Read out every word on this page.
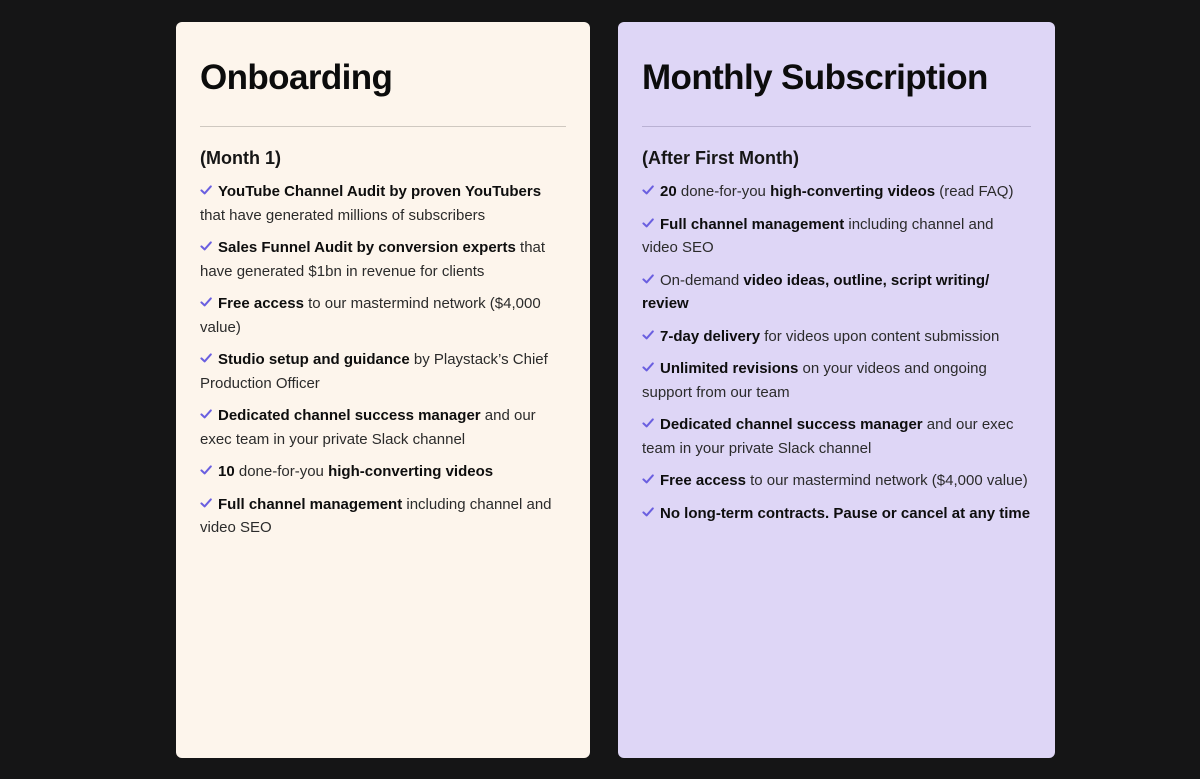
Onboarding
(Month 1)
YouTube Channel Audit by proven YouTubers that have generated millions of subscribers
Sales Funnel Audit by conversion experts that have generated $1bn in revenue for clients
Free access to our mastermind network ($4,000 value)
Studio setup and guidance by Playstack’s Chief Production Officer
Dedicated channel success manager and our exec team in your private Slack channel
10 done-for-you high-converting videos
Full channel management including channel and video SEO
Monthly Subscription
(After First Month)
20 done-for-you high-converting videos (read FAQ)
Full channel management including channel and video SEO
On-demand video ideas, outline, script writing/ review
7-day delivery for videos upon content submission
Unlimited revisions on your videos and ongoing support from our team
Dedicated channel success manager and our exec team in your private Slack channel
Free access to our mastermind network ($4,000 value)
No long-term contracts. Pause or cancel at any time
